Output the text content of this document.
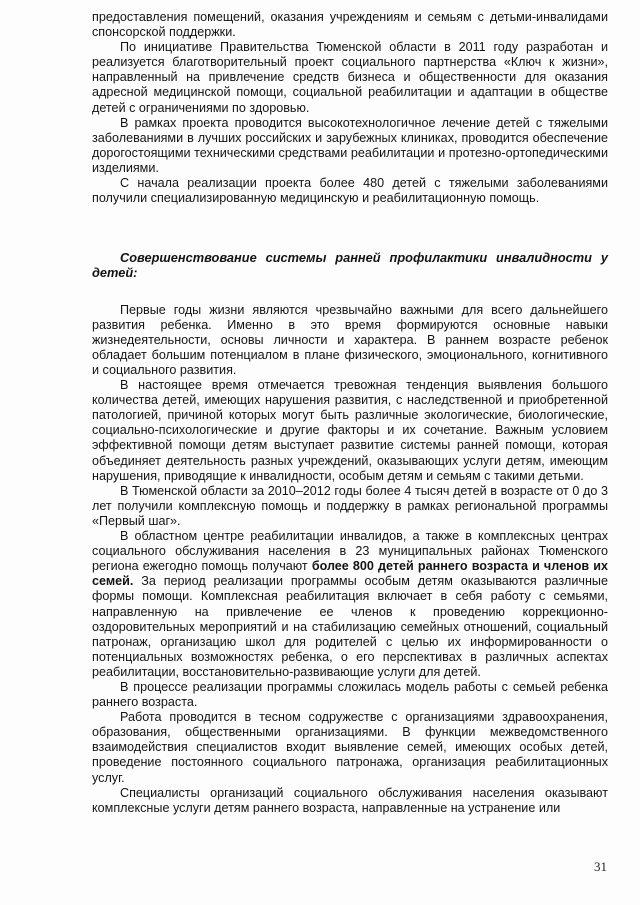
предоставления помещений, оказания учреждениям и семьям с детьми-инвалидами спонсорской поддержки.

По инициативе Правительства Тюменской области в 2011 году разработан и реализуется благотворительный проект социального партнерства «Ключ к жизни», направленный на привлечение средств бизнеса и общественности для оказания адресной медицинской помощи, социальной реабилитации и адаптации в обществе детей с ограничениями по здоровью.

В рамках проекта проводится высокотехнологичное лечение детей с тяжелыми заболеваниями в лучших российских и зарубежных клиниках, проводится обеспечение дорогостоящими техническими средствами реабилитации и протезно-ортопедическими изделиями.

С начала реализации проекта более 480 детей с тяжелыми заболеваниями получили специализированную медицинскую и реабилитационную помощь.

Совершенствование системы ранней профилактики инвалидности у детей:

Первые годы жизни являются чрезвычайно важными для всего дальнейшего развития ребенка. Именно в это время формируются основные навыки жизнедеятельности, основы личности и характера. В раннем возрасте ребенок обладает большим потенциалом в плане физического, эмоционального, когнитивного и социального развития.

В настоящее время отмечается тревожная тенденция выявления большого количества детей, имеющих нарушения развития, с наследственной и приобретенной патологией, причиной которых могут быть различные экологические, биологические, социально-психологические и другие факторы и их сочетание. Важным условием эффективной помощи детям выступает развитие системы ранней помощи, которая объединяет деятельность разных учреждений, оказывающих услуги детям, имеющим нарушения, приводящие к инвалидности, особым детям и семьям с такими детьми.

В Тюменской области за 2010–2012 годы более 4 тысяч детей в возрасте от 0 до 3 лет получили комплексную помощь и поддержку в рамках региональной программы «Первый шаг».

В областном центре реабилитации инвалидов, а также в комплексных центрах социального обслуживания населения в 23 муниципальных районах Тюменского региона ежегодно помощь получают более 800 детей раннего возраста и членов их семей. За период реализации программы особым детям оказываются различные формы помощи. Комплексная реабилитация включает в себя работу с семьями, направленную на привлечение ее членов к проведению коррекционно-оздоровительных мероприятий и на стабилизацию семейных отношений, социальный патронаж, организацию школ для родителей с целью их информированности о потенциальных возможностях ребенка, о его перспективах в различных аспектах реабилитации, восстановительно-развивающие услуги для детей.

В процессе реализации программы сложилась модель работы с семьей ребенка раннего возраста.

Работа проводится в тесном содружестве с организациями здравоохранения, образования, общественными организациями. В функции межведомственного взаимодействия специалистов входит выявление семей, имеющих особых детей, проведение постоянного социального патронажа, организация реабилитационных услуг.

Специалисты организаций социального обслуживания населения оказывают комплексные услуги детям раннего возраста, направленные на устранение или

31
